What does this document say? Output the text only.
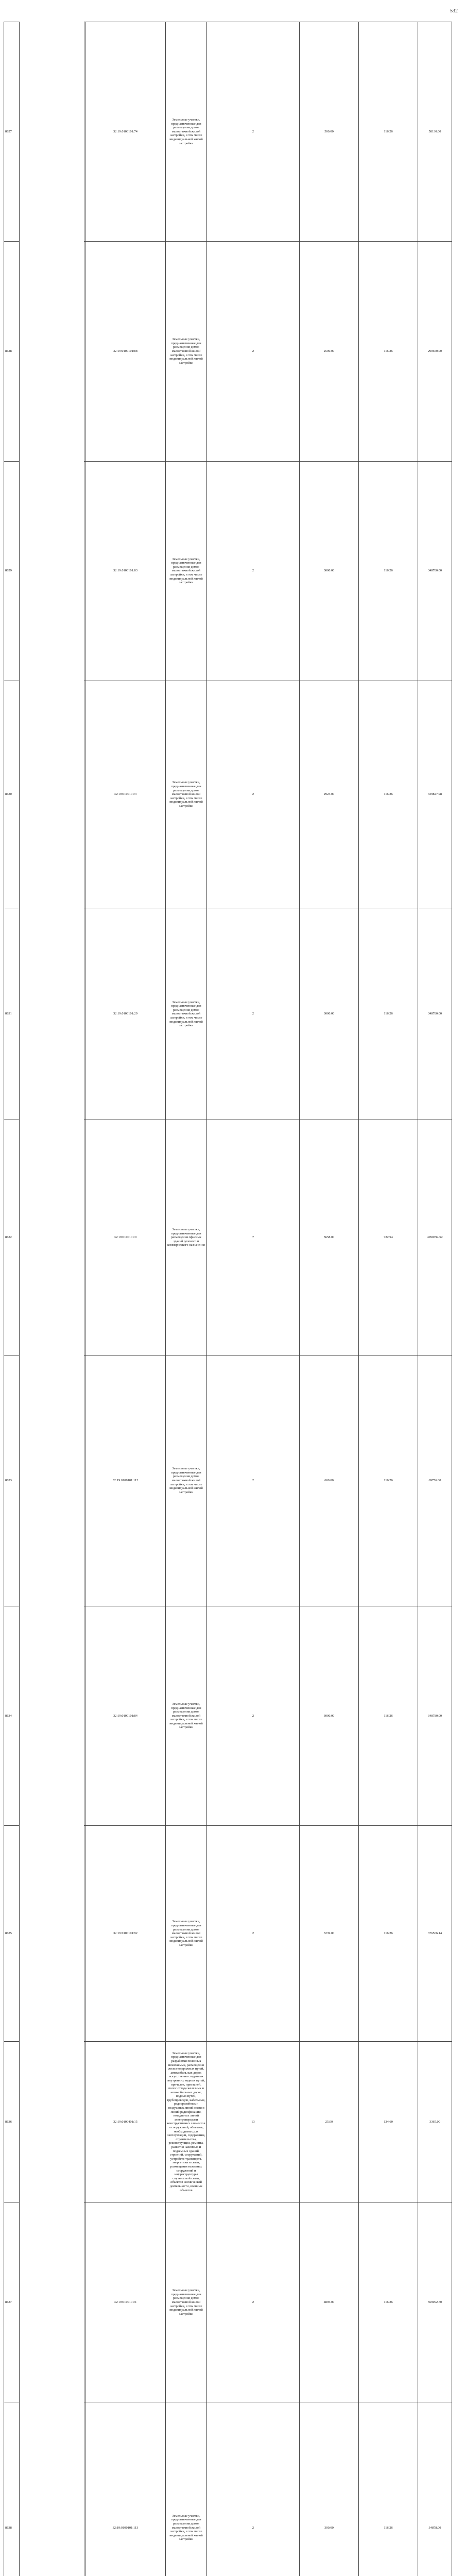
532
8627			32:19:0100101:74	Земельные участки, предназначенные для размещения домов малоэтажной жилой застройки, в том числе индивидуальной жилой застройки	2	500.00	116.26	58130.00
8628			32:19:0100101:88	Земельные участки, предназначенные для размещения домов малоэтажной жилой застройки, в том числе индивидуальной жилой застройки	2	2500.00	116.26	290650.00
8629			32:19:0100101:83	Земельные участки, предназначенные для размещения домов малоэтажной жилой застройки, в том числе индивидуальной жилой застройки	2	3000.00	116.26	348780.00
8630			32:19:0100101:3	Земельные участки, предназначенные для размещения домов малоэтажной жилой застройки, в том числе индивидуальной жилой застройки	2	2923.00	116.26	339827.98
8631			32:19:0100101:29	Земельные участки, предназначенные для размещения домов малоэтажной жилой застройки, в том числе индивидуальной жилой застройки	2	3000.00	116.26	348780.00
8632			32:19:0100101:9	Земельные участки, предназначенные для размещения офисных зданий делового и коммерческого назначения	7	5658.00	722.94	4090394.52
8633			32:19:0100101:112	Земельные участки, предназначенные для размещения домов малоэтажной жилой застройки, в том числе индивидуальной жилой застройки	2	600.00	116.26	69756.00
8634			32:19:0100101:84	Земельные участки, предназначенные для размещения домов малоэтажной жилой застройки, в том числе индивидуальной жилой застройки	2	3000.00	116.26	348780.00
8635			32:19:0100101:92	Земельные участки, предназначенные для размещения домов малоэтажной жилой застройки, в том числе индивидуальной жилой застройки	2	3239.00	116.26	376566.14
8636			32:19:0100401:15	Земельные участки, предназначенные для разработки полезных ископаемых, размещения железнодорожных путей, автомобильных дорог, искусственно созданных внутренних водных путей, причалов, пристаней, полос отвода железных и автомобильных дорог, водных путей, трубопроводов, кабельных, радиорелейных и воздушных линий связи и линий радиофикации, воздушных линий электропередачи конструктивных элементов и сооружений, объектов, необходимых для эксплуатации, содержания, строительства, реконструкции, ремонта, развития наземных и подземных зданий, строений, сооружений, устройств транспорта, энергетики и связи; размещения наземных сооружений и инфраструктуры спутниковой связи, объектов космической деятельности, военных объектов	13	25.00	134.60	3365.00
8637			32:19:0100101:1	Земельные участки, предназначенные для размещения домов малоэтажной жилой застройки, в том числе индивидуальной жилой застройки	2	4895.00	116.26	569092.70
8638			32:19:0100101:113	Земельные участки, предназначенные для размещения домов малоэтажной жилой застройки, в том числе индивидуальной жилой застройки	2	300.00	116.26	34878.00
